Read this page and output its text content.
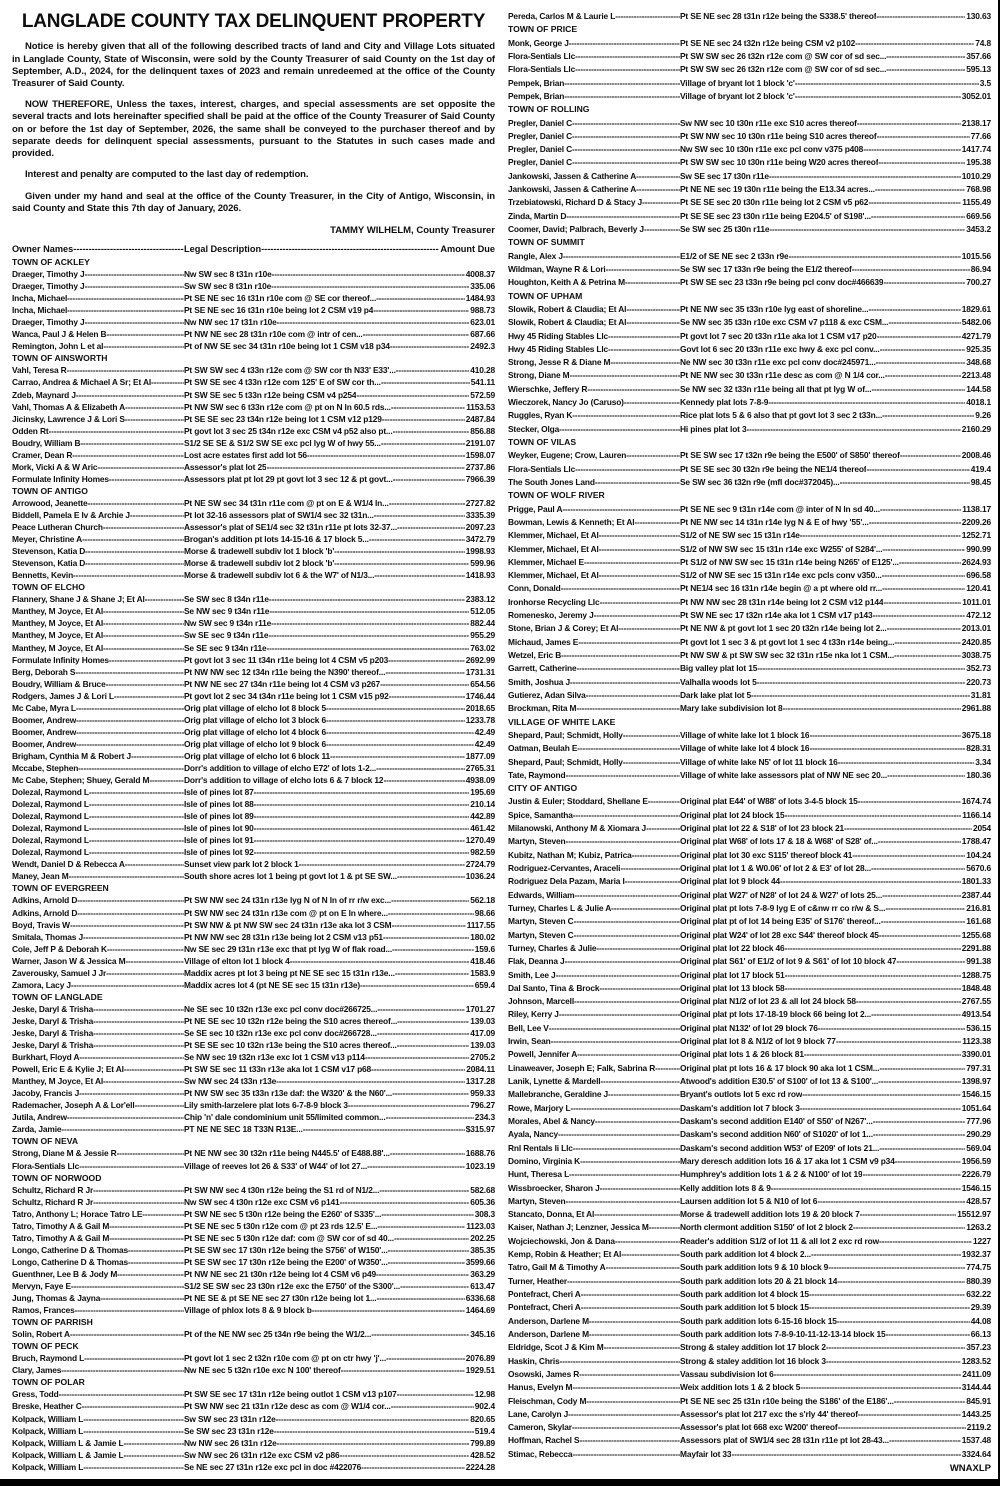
LANGLADE COUNTY TAX DELINQUENT PROPERTY

Notice is hereby given that all of the following described tracts of land and City and Village Lots situated in Langlade County, State of Wisconsin, were sold by the County Treasurer of said County on the 1st day of September, A.D., 2024, for the delinquent taxes of 2023 and remain unredeemed at the office of the County Treasurer of Said County.

NOW THEREFORE, Unless the taxes, interest, charges, and special assessments are set opposite the several tracts and lots hereinafter specified shall be paid at the office of the County Treasurer of Said County on or before the 1st day of September, 2026, the same shall be conveyed to the purchaser thereof and by separate deeds for delinquent special assessments, pursuant to the Statutes in such cases made and provided.

Interest and penalty are computed to the last day of redemption.

Given under my hand and seal at the office of the County Treasurer, in the City of Antigo, Wisconsin, in said County and State this 7th day of January, 2026.

TAMMY WILHELM, County Treasurer

Owner Names -----	Legal Description -----	Amount Due
TOWN OF ACKLEY
Draeger, Timothy J -----	Nw SW sec 8 t31n r10e -----	4008.37
Draeger, Timothy J -----	Sw SW sec 8 t31n r10e -----	335.06
Incha, Michael -----	Pt SE NE sec 16 t31n r10e com @ SE cor thereof... -----	1484.93
Incha, Michael -----	Pt SE NE sec 16 t31n r10e being lot 2 CSM v19 p4 -----	988.73
Draeger, Timothy J -----	Nw NW sec 17 t31n r10e -----	623.01
Wanca, Paul J & Helen B -----	Pt NW NE sec 28 t31n r10e com @ intr of cen... -----	687.66
Remington, John L et al -----	Pt of NW SE sec 34 t31n r10e being lot 1 CSM v18 p34 -----	2492.3
TOWN OF AINSWORTH
Vahl, Teresa R -----	Pt SW SW sec 4 t33n r12e com @ SW cor th N33' E33'... -----	410.28
Carrao, Andrea & Michael A Sr; Et Al -----	Pt SW SE sec 4 t33n r12e com 125' E of SW cor th... -----	541.11
Zdeb, Maynard J -----	Pt SW SE sec 5 t33n r12e being CSM v4 p254 -----	572.59
Vahl, Thomas A & Elizabeth A -----	Pt NW SW sec 6 t33n r12e com @ pt on N ln 60.5 rds... -----	1153.53
Jicinsky, Lawrence J & Lori S -----	Pt SE SE sec 23 t34n r12e being lot 1 CSM v12 p129 -----	2487.84
Odden Rt -----	Pt govt lot 3 sec 25 t34n r12e exc CSM v4 p52 also pt... -----	856.88
Boudry, William B -----	S1/2 SE SE & S1/2 SW SE exc pcl lyg W of hwy 55... -----	2191.07
Cramer, Dean R -----	Lost acre estates first add lot 56 -----	1598.07
Mork, Vicki A & W Aric -----	Assessor's plat lot 25 -----	2737.86
Formulate Infinity Homes -----	Assessors plat pt lot 29 pt govt lot 3 sec 12 & pt govt... -----	7966.39
TOWN OF ANTIGO
Arrowood, Jeanette -----	Pt NE SW sec 34 t31n r11e com @ pt on E & W1/4 ln... -----	2727.82
Biddell, Pamela E Iv & Archie J -----	Pt lot 32-16 assessors plat of SW1/4 sec 32 t31n... -----	3335.39
Peace Lutheran Church -----	Assessor's plat of SE1/4 sec 32 t31n r11e pt lots 32-37... -----	2097.23
Meyer, Christine A -----	Brogan's addition pt lots 14-15-16 & 17 block 5... -----	3472.79
Stevenson, Katia D -----	Morse & tradewell subdiv lot 1 block 'b' -----	1998.93
Stevenson, Katia D -----	Morse & tradewell subdiv lot 2 block 'b' -----	599.96
Bennetts, Kevin -----	Morse & tradewell subdiv lot 6 & the W7' of N1/3... -----	1418.93
TOWN OF ELCHO
Flannery, Shane J & Shane J; Et Al -----	Se SW sec 8 t34n r11e -----	2383.12
Manthey, M Joyce, Et Al -----	Se NW sec 9 t34n r11e -----	512.05
Manthey, M Joyce, Et Al -----	Nw SW sec 9 t34n r11e -----	882.44
Manthey, M Joyce, Et Al -----	Sw SE sec 9 t34n r11e -----	955.29
Manthey, M Joyce, Et Al -----	Se SE sec 9 t34n r11e -----	763.02
Formulate Infinity Homes -----	Pt govt lot 3 sec 11 t34n r11e being lot 4 CSM v5 p203 -----	2692.99
Berg, Deborah S -----	Pt NW NW sec 12 t34n r11e being the N390' thereof... -----	1731.31
Boudry, William & Bruce -----	Pt NW NE sec 27 t34n r11e being lot 4 CSM v3 p267 -----	654.56
Rodgers, James J & Lori L -----	Pt govt lot 2 sec 34 t34n r11e being lot 1 CSM v15 p92 -----	1746.44
Mc Cabe, Myra L -----	Orig plat village of elcho lot 8 block 5 -----	2018.65
Boomer, Andrew -----	Orig plat village of elcho lot 3 block 6 -----	1233.78
Boomer, Andrew -----	Orig plat village of elcho lot 4 block 6 -----	42.49
Boomer, Andrew -----	Orig plat village of elcho lot 9 block 6 -----	42.49
Brigham, Cynthia M & Robert J -----	Orig plat village of elcho lot 6 block 11 -----	1877.09
Mccabe, Stephen -----	Dorr's addition to village of elcho E72' of lots 1-2... -----	2765.31
Mc Cabe, Stephen; Shuey, Gerald M -----	Dorr's addition to village of elcho lots 6 & 7 block 12 -----	4938.09
Dolezal, Raymond L -----	Isle of pines lot 87 -----	195.69
Dolezal, Raymond L -----	Isle of pines lot 88 -----	210.14
Dolezal, Raymond L -----	Isle of pines lot 89 -----	442.89
Dolezal, Raymond L -----	Isle of pines lot 90 -----	461.42
Dolezal, Raymond L -----	Isle of pines lot 91 -----	1270.49
Dolezal, Raymond L -----	Isle of pines lot 92 -----	982.59
Wendt, Daniel D & Rebecca A -----	Sunset view park lot 2 block 1 -----	2724.79
Maney, Jean M -----	South shore acres lot 1 being pt govt lot 1 & pt SE SW... -----	1036.24
TOWN OF EVERGREEN
Adkins, Arnold D -----	Pt SW NW sec 24 t31n r13e lyg N of N ln of rr r/w exc... -----	562.18
Adkins, Arnold D -----	Pt SW NW sec 24 t31n r13e com @ pt on E ln where... -----	98.66
Boyd, Travis W -----	Pt SW NW & pt NW SW sec 24 t31n r13e aka lot 3 CSM -----	1117.55
Smitala, Thomas J -----	Pt NW NW sec 28 t31n r13e being lot 2 CSM v13 p51 -----	180.02
Cole, Jeff P & Deborah K -----	Nw SE sec 29 t31n r13e exc that pt lyg W of flak road... -----	159.6
Warner, Jason W & Jessica M -----	Village of elton lot 1 block 4 -----	418.46
Zaverousky, Samuel J Jr -----	Maddix acres pt lot 3 being pt NE SE sec 15 t31n r13e... -----	1583.9
Zamora, Lacy J -----	Maddix acres lot 4 (pt NE SE sec 15 t31n r13e) -----	659.4
TOWN OF LANGLADE
Jeske, Daryl & Trisha -----	Ne SE sec 10 t32n r13e exc pcl conv doc#266725... -----	1701.27
Jeske, Daryl & Trisha -----	Pt NE SE sec 10 t32n r12e being the S10 acres thereof... -----	139.03
Jeske, Daryl & Trisha -----	Se SE sec 10 t32n r13e exc pcl conv doc#266728... -----	417.09
Jeske, Daryl & Trisha -----	Pt SE SE sec 10 t32n r13e being the S10 acres thereof... -----	139.03
Burkhart, Floyd A -----	Se NW sec 19 t32n r13e exc lot 1 CSM v13 p114 -----	2705.2
Powell, Eric E & Kylie J; Et Al -----	Pt SW SE sec 11 t33n r13e aka lot 1 CSM v17 p68 -----	2084.11
Manthey, M Joyce, Et Al -----	Sw NW sec 24 t33n r13e -----	1317.28
Jacoby, Francis J -----	Pt NW SW sec 35 t33n r13e daf: the W320' & the N60'... -----	959.33
Rademacher, Joseph A & Lor'ell -----	Lily smith-larzelere plat lots 6-7-8-9 block 3 -----	796.27
Jutila, Andrew -----	Chip 'n' dale condominium unit 55/limited common... -----	234.3
Zarda, Jamie -----	PT NE NE SEC 18 T33N R13E... -----	$315.97
TOWN OF NEVA
Strong, Diane M & Jessie R -----	Pt NE NW sec 30 t32n r11e being N445.5' of E488.88'... -----	1688.76
Flora-Sentials Llc -----	Village of reeves lot 26 & S33' of W44' of lot 27... -----	1023.19
TOWN OF NORWOOD
Schultz, Richard R Jr -----	Pt SW NW sec 4 t30n r12e being the S1 rd of N1/2... -----	582.68
Schultz, Richard R Jr -----	Nw SW sec 4 t30n r12e exc CSM v6 p141 -----	605.36
Tatro, Anthony L; Horace Tatro LE -----	Pt SW NE sec 5 t30n r12e being the E260' of S335'... -----	308.3
Tatro, Timothy A & Gail M -----	Pt SE NE sec 5 t30n r12e com @ pt 23 rds 12.5' E... -----	1123.03
Tatro, Timothy A & Gail M -----	Pt SE NE sec 5 t30n r12e daf: com @ SW cor of sd 40... -----	202.25
Longo, Catherine D & Thomas -----	Pt SE SW sec 17 t30n r12e being the S756' of W150'... -----	385.35
Longo, Catherine D & Thomas -----	Pt SE SW sec 17 t30n r12e being the E200' of W350'... -----	3599.66
Guenthner, Lee B & Jody M -----	Pt NW NE sec 21 t30n r12e being lot 4 CSM v6 p49 -----	363.29
Mervyn, Faye E -----	S1/2 SE SW sec 23 t30n r12e exc the E750' of the S300'... -----	613.47
Jung, Thomas & Jayna -----	Pt NE SE & pt SE NE sec 27 t30n r12e being lot 1... -----	6336.68
Ramos, Frances -----	Village of phlox lots 8 & 9 block b -----	1464.69
TOWN OF PARRISH
Solin, Robert A -----	Pt of the NE NW sec 25 t34n r9e being the W1/2... -----	345.16
TOWN OF PECK
Bruch, Raymond L -----	Pt govt lot 1 sec 2 t32n r10e com @ pt on ctr hwy 'j'... -----	2076.89
Clary, James -----	Nw NE sec 5 t32n r10e exc N 100' thereof -----	1929.51
TOWN OF POLAR
Gress, Todd -----	Pt SW SE sec 17 t31n r12e being outlot 1 CSM v13 p107 -----	12.98
Breske, Heather C -----	Pt SW NW sec 21 t31n r12e desc as com @ W1/4 cor... -----	902.4
Kolpack, William L -----	Sw SW sec 23 t31n r12e -----	820.65
Kolpack, William L -----	Se SW sec 23 t31n r12e -----	519.4
Kolpack, William L & Jamie L -----	Nw NW sec 26 t31n r12e -----	799.89
Kolpack, William L & Jamie L -----	Sw NW sec 26 t31n r12e exc CSM v2 p86 -----	428.52
Kolpack, William L -----	Se NE sec 27 t31n r12e exc pcl in doc #422076 -----	2224.28
Pereda, Carlos M & Laurie L -----	Pt SE NE sec 28 t31n r12e being the S338.5' thereof -----	130.63
TOWN OF PRICE
Monk, George J -----	Pt SE NE sec 24 t32n r12e being CSM v2 p102 -----	74.8
Flora-Sentials Llc -----	Pt SW SW sec 26 t32n r12e com @ SW cor of sd sec... -----	357.66
Flora-Sentials Llc -----	Pt SW SW sec 26 t32n r12e com @ SW cor of sd sec... -----	595.13
Pempek, Brian -----	Village of bryant lot 1 block 'c' -----	3.5
Pempek, Brian -----	Village of bryant lot 2 block 'c' -----	3052.01
TOWN OF ROLLING
Pregler, Daniel C -----	Sw NW sec 10 t30n r11e exc S10 acres thereof -----	2138.17
Pregler, Daniel C -----	Pt SW NW sec 10 t30n r11e being S10 acres thereof -----	77.66
Pregler, Daniel C -----	Nw SW sec 10 t30n r11e exc pcl conv v375 p408 -----	1417.74
Pregler, Daniel C -----	Pt SW SW sec 10 t30n r11e being W20 acres thereof -----	195.38
Jankowski, Jassen & Catherine A -----	Sw SE sec 17 t30n r11e -----	1010.29
Jankowski, Jassen & Catherine A -----	Pt NE NE sec 19 t30n r11e being the E13.34 acres... -----	768.98
Trzebiatowski, Richard D & Stacy J -----	Pt SE SE sec 20 t30n r11e being lot 2 CSM v5 p62 -----	1155.49
Zinda, Martin D -----	Pt SE SE sec 23 t30n r11e being E204.5' of S198'... -----	669.56
Coomer, David; Palbrach, Beverly J -----	Se SW sec 25 t30n r11e -----	3453.2
TOWN OF SUMMIT
Rangle, Alex J -----	E1/2 of SE NE sec 2 t33n r9e -----	1015.56
Wildman, Wayne R & Lori -----	Se SW sec 17 t33n r9e being the E1/2 thereof -----	86.94
Houghton, Keith A & Petrina M -----	Pt SW SE sec 23 t33n r9e being pcl conv doc#466639 -----	700.27
TOWN OF UPHAM
Slowik, Robert & Claudia; Et Al -----	Pt NE NW sec 35 t33n r10e lyg east of shoreline... -----	1829.61
Slowik, Robert & Claudia; Et Al -----	Se NW sec 35 t33n r10e exc CSM v7 p118 & exc CSM... -----	5482.06
Hwy 45 Riding Stables Llc -----	Pt govt lot 7 sec 20 t33n r11e aka lot 1 CSM v17 p20 -----	4271.79
Hwy 45 Riding Stables Llc -----	Govt lot 6 sec 20 t33n r11e exc hwy & exc pcl conv... -----	925.35
Strong, Jesse R & Diane M -----	Ne NW sec 30 t33n r11e exc pcl conv doc#245971... -----	348.68
Strong, Diane M -----	Pt NE NW sec 30 t33n r11e desc as com @ N 1/4 cor... -----	2213.48
Wierschke, Jeffery R -----	Se NW sec 32 t33n r11e being all that pt lyg W of... -----	144.58
Wieczorek, Nancy Jo (Caruso) -----	Kennedy plat lots 7-8-9 -----	4018.1
Ruggles, Ryan K -----	Rice plat lots 5 & 6 also that pt govt lot 3 sec 2 t33n... -----	9.26
Stecker, Olga -----	Hi pines plat lot 3 -----	2160.29
TOWN OF VILAS
Weyker, Eugene; Crow, Lauren -----	Pt SE SW sec 17 t32n r9e being the E500' of S850' thereof -----	2008.46
Flora-Sentials Llc -----	Pt SE SE sec 30 t32n r9e being the NE1/4 thereof -----	419.4
The South Jones Land -----	Se SW sec 36 t32n r9e (mfl doc#372045)... -----	98.45
TOWN OF WOLF RIVER
Prigge, Paul A -----	Pt SE NE sec 9 t31n r14e com @ inter of N ln sd 40... -----	1138.17
Bowman, Lewis & Kenneth; Et Al -----	Pt NE NW sec 14 t31n r14e lyg N & E of hwy '55'... -----	2209.26
Klemmer, Michael, Et Al -----	S1/2 of NE SW sec 15 t31n r14e -----	1252.71
Klemmer, Michael, Et Al -----	S1/2 of NW SW sec 15 t31n r14e exc W255' of S284'... -----	990.99
Klemmer, Michael E -----	Pt S1/2 of NW SW sec 15 t31n r14e being N265' of E125'... -----	2624.93
Klemmer, Michael, Et Al -----	S1/2 of NW SE sec 15 t31n r14e exc pcls conv v350... -----	696.58
Conn, Donald -----	Pt NE1/4 sec 16 t31n r14e begin @ a pt where old rr... -----	120.41
Ironhorse Recycling Llc -----	Pt NW NW sec 28 t31n r14e being lot 2 CSM v12 p144 -----	1011.01
Romenesko, Jeremy J -----	Pt SW NE sec 17 t32n r14e aka lot 1 CSM v17 p143 -----	472.12
Stone, Brian J & Corey; Et Al -----	Pt NE NW & pt govt lot 1 sec 20 t32n r14e being lot 2... -----	2013.01
Michaud, James E -----	Pt govt lot 1 sec 3 & pt govt lot 1 sec 4 t33n r14e being... -----	2420.85
Wetzel, Eric B -----	Pt NW SW & pt SW SW sec 32 t31n r15e nka lot 1 CSM... -----	3038.75
Garrett, Catherine -----	Big valley plat lot 15 -----	352.73
Smith, Joshua J -----	Valhalla woods lot 5 -----	220.73
Gutierez, Adan Silva -----	Dark lake plat lot 5 -----	31.81
Brockman, Rita M -----	Mary lake subdivision lot 8 -----	2961.88
VILLAGE OF WHITE LAKE
Shepard, Paul; Schmidt, Holly -----	Village of white lake lot 1 block 16 -----	3675.18
Oatman, Beulah E -----	Village of white lake lot 4 block 16 -----	828.31
Shepard, Paul; Schmidt, Holly -----	Village of white lake N5' of lot 11 block 16 -----	3.34
Tate, Raymond -----	Village of white lake assessors plat of NW NE sec 20... -----	180.36
CITY OF ANTIGO
Justin & Euler; Stoddard, Shellane E -----	Original plat E44' of W88' of lots 3-4-5 block 15 -----	1674.74
Spice, Samantha -----	Original plat lot 24 block 15 -----	1166.14
Milanowski, Anthony M & Xiomara J -----	Original plat lot 22 & S18' of lot 23 block 21 -----	2054
Martyn, Steven -----	Original plat W68' of lots 17 & 18 & W68' of S28' of... -----	1788.47
Kubitz, Nathan M; Kubiz, Patrica -----	Original plat lot 30 exc S115' thereof block 41 -----	104.24
Rodriguez-Cervantes, Araceli -----	Original plat lot 1 & W0.06' of lot 2 & E3' of lot 28... -----	5670.6
Rodriguez Dela Pazam, Maria I -----	Original plat lot 9 block 44 -----	1801.33
Edwards, William -----	Original plat W27' of N28' of lot 24 & W27' of lots 25... -----	2387.44
Turney, Charles L & Julie A -----	Original plat pt lots 7-8-9 lyg E of c&nw rr co r/w & S... -----	216.81
Martyn, Steven C -----	Original plat pt of lot 14 being E35' of S176' thereof... -----	161.68
Martyn, Steven C -----	Original plat W24' of lot 28 exc S44' thereof block 45 -----	1255.68
Turney, Charles & Julie -----	Original plat lot 22 block 46 -----	2291.88
Flak, Deanna J -----	Original plat S61' of E1/2 of lot 9 & S61' of lot 10 block 47 -----	991.38
Smith, Lee J -----	Original plat lot 17 block 51 -----	1288.75
Dal Santo, Tina & Brock -----	Original plat lot 13 block 58 -----	1848.48
Johnson, Marcell -----	Original plat N1/2 of lot 23 & all lot 24 block 58 -----	2767.55
Riley, Kerry J -----	Original plat pt lots 17-18-19 block 66 being lot 2... -----	4913.54
Bell, Lee V -----	Original plat N132' of lot 29 block 76 -----	536.15
Irwin, Sean -----	Original plat lot 8 & N1/2 of lot 9 block 77 -----	1123.38
Powell, Jennifer A -----	Original plat lots 1 & 26 block 81 -----	3390.01
Linaweaver, Joseph E; Falk, Sabrina R -----	Original plat pt lots 16 & 17 block 90 aka lot 1 CSM... -----	797.31
Lanik, Lynette & Mardell -----	Atwood's addition E30.5' of S100' of lot 13 & S100'... -----	1398.97
Mallebranche, Geraldine J -----	Bryant's outlots lot 5 exc rd row -----	1546.15
Rowe, Marjory L -----	Daskam's addition lot 7 block 3 -----	1051.64
Morales, Abel & Nancy -----	Daskam's second addition E140' of S50' of N267'... -----	777.96
Ayala, Nancy -----	Daskam's second addition N60' of S1020' of lot 1... -----	290.29
Rnl Rentals Ii Llc -----	Daskam's second addition W53' of E209' of lots 21... -----	569.04
Domino, Virginia K -----	Mary deresch addition lots 16 & 17 aka lot 1 CSM v9 p34 -----	1956.59
Hunt, Theresa L -----	Humphrey's addition lots 1 & 2 & N100' of lot 19 -----	2226.79
Wissbroecker, Sharon J -----	Kelly addition lots 8 & 9 -----	1546.15
Martyn, Steven -----	Laursen addition lot 5 & N10 of lot 6 -----	428.57
Stancato, Donna, Et Al -----	Morse & tradewell addition lots 19 & 20 block 7 -----	15512.97
Kaiser, Nathan J; Lenzner, Jessica M -----	North clermont addition S150' of lot 2 block 2 -----	1263.2
Wojciechowski, Jon & Dana -----	Reader's addition S1/2 of lot 11 & all lot 2 exc rd row -----	1227
Kemp, Robin & Heather; Et Al -----	South park addition lot 4 block 2... -----	1932.37
Tatro, Gail M & Timothy A -----	South park addition lots 9 & 10 block 9 -----	774.75
Turner, Heather -----	South park addition lots 20 & 21 block 14 -----	880.39
Pontefract, Cheri A -----	South park addition lot 4 block 15 -----	632.22
Pontefract, Cheri A -----	South park addition lot 5 block 15 -----	29.39
Anderson, Darlene M -----	South park addition lots 6-15-16 block 15 -----	44.08
Anderson, Darlene M -----	South park addition lots 7-8-9-10-11-12-13-14 block 15 -----	66.13
Eldridge, Scot J & Kim M -----	Strong & staley addition lot 17 block 2 -----	357.23
Haskin, Chris -----	Strong & staley addition lot 16 block 3 -----	1283.52
Osowski, James R -----	Vassau subdivision lot 6 -----	2411.09
Hanus, Evelyn M -----	Weix addition lots 1 & 2 block 5 -----	3144.44
Fleischman, Cody M -----	Pt SE NE sec 25 t31n r10e being the S186' of the E186'... -----	845.91
Lane, Carolyn J -----	Assessor's plat lot 217 exc the s'rly 44' thereof -----	1443.25
Cameron, Skylar -----	Assessor's plat lot 668 exc W200' thereof -----	2119.2
Hoffman, Rachel S -----	Assessors plat of SW1/4 sec 28 t31n r11e pt lot 28-43... -----	1537.48
Stimac, Rebecca -----	Mayfair lot 33 -----	3324.64
WNAXLP
